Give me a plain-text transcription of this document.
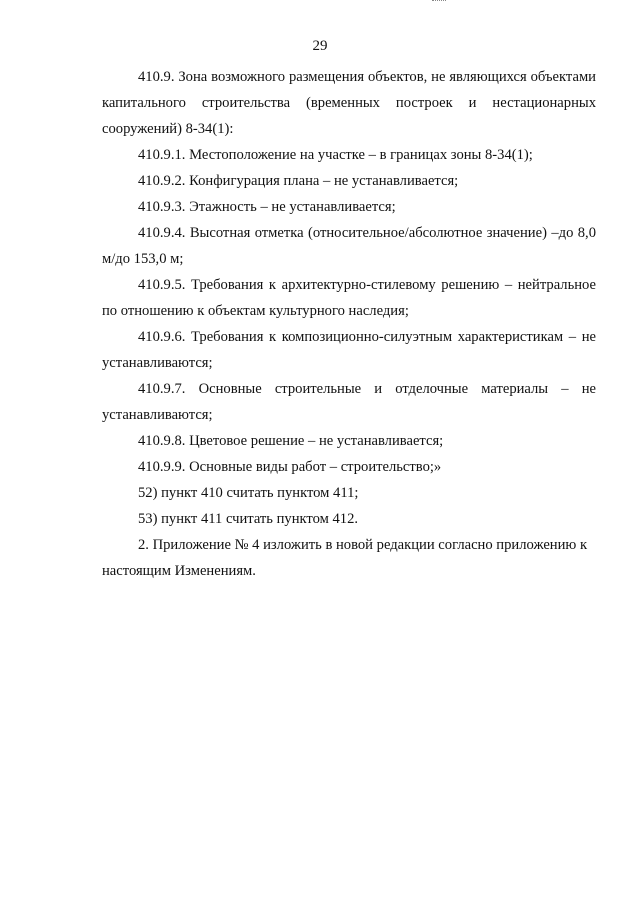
29

410.9. Зона возможного размещения объектов, не являющихся объектами капитального строительства (временных построек и нестационарных сооружений) 8-34(1):

410.9.1. Местоположение на участке – в границах зоны 8-34(1);

410.9.2. Конфигурация плана – не устанавливается;

410.9.3. Этажность – не устанавливается;

410.9.4. Высотная отметка (относительное/абсолютное значение) –до 8,0 м/до 153,0 м;

410.9.5. Требования к архитектурно-стилевому решению – нейтральное по отношению к объектам культурного наследия;

410.9.6. Требования к композиционно-силуэтным характеристикам – не устанавливаются;

410.9.7. Основные строительные и отделочные материалы – не устанавливаются;

410.9.8. Цветовое решение – не устанавливается;

410.9.9. Основные виды работ – строительство;»

52) пункт 410 считать пунктом 411;

53) пункт 411 считать пунктом 412.

2. Приложение № 4 изложить в новой редакции согласно приложению к настоящим Изменениям.
